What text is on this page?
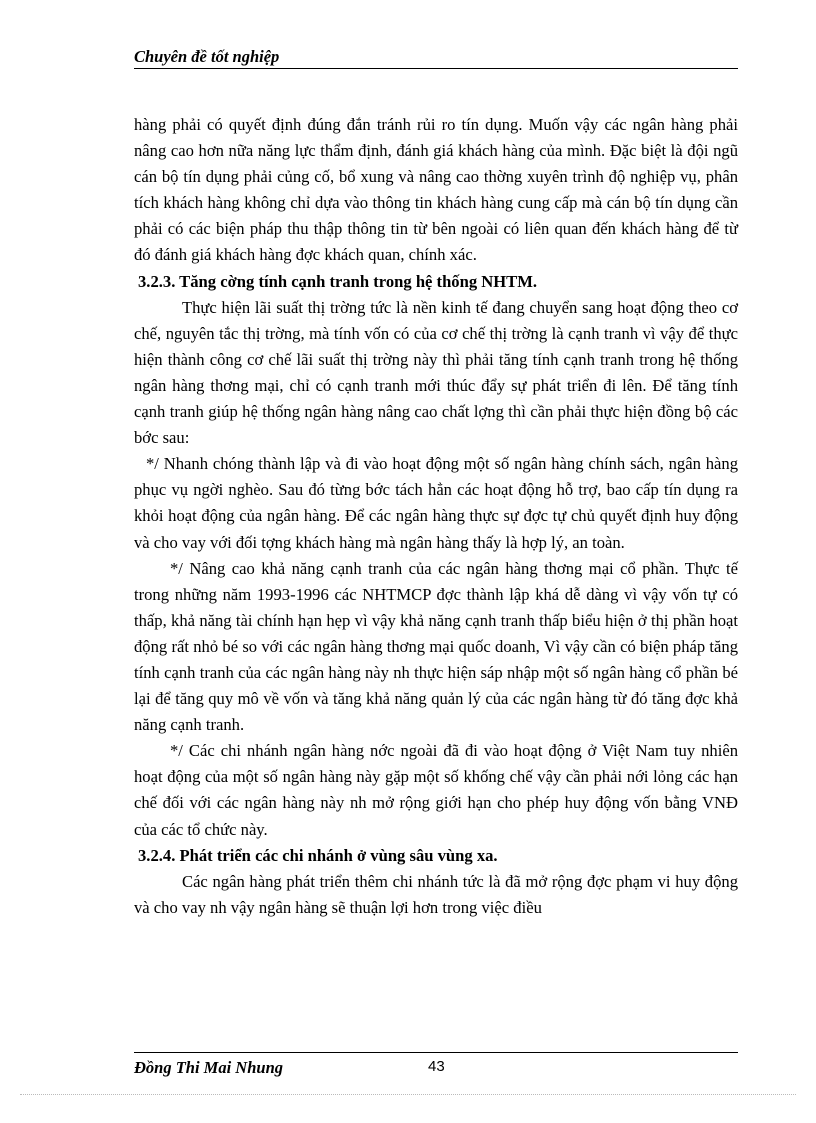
Chuyên đề tốt nghiệp

hàng phải có quyết định đúng đắn tránh rủi ro tín dụng. Muốn vậy các ngân hàng phải nâng cao hơn nữa năng lực thẩm định, đánh giá khách hàng của mình. Đặc biệt là đội ngũ cán bộ tín dụng phải củng cố, bổ xung và nâng cao thờng xuyên trình độ nghiệp vụ, phân tích khách hàng không chỉ dựa vào thông tin khách hàng cung cấp mà cán bộ tín dụng cần phải có các biện pháp thu thập thông tin từ bên ngoài có liên quan đến khách hàng để từ đó đánh giá khách hàng đợc khách quan, chính xác.

3.2.3. Tăng cờng tính cạnh tranh trong hệ thống NHTM.

Thực hiện lãi suất thị trờng tức là nền kinh tế đang chuyển sang hoạt động theo cơ chế, nguyên tắc thị trờng, mà tính vốn có của cơ chế thị trờng là cạnh tranh vì vậy để thực hiện thành công cơ chế lãi suất thị trờng này thì phải tăng tính cạnh tranh trong hệ thống ngân hàng thơng mại, chỉ có cạnh tranh mới thúc đẩy sự phát triển đi lên. Để tăng tính cạnh tranh giúp hệ thống ngân hàng nâng cao chất lợng thì cần phải thực hiện đồng bộ các bớc sau:

*/ Nhanh chóng thành lập và đi vào hoạt động một số ngân hàng chính sách, ngân hàng phục vụ ngời nghèo. Sau đó từng bớc tách hẳn các hoạt động hỗ trợ, bao cấp tín dụng ra khỏi hoạt động của ngân hàng. Để các ngân hàng thực sự đợc tự chủ quyết định huy động và cho vay với đối tợng khách hàng mà ngân hàng thấy là hợp lý, an toàn.

*/ Nâng cao khả năng cạnh tranh của các ngân hàng thơng mại cổ phần. Thực tế trong những năm 1993-1996 các NHTMCP đợc thành lập khá dễ dàng vì vậy vốn tự có thấp, khả năng tài chính hạn hẹp vì vậy khả năng cạnh tranh thấp biểu hiện ở thị phần hoạt động rất nhỏ bé so với các ngân hàng thơng mại quốc doanh, Vì vậy cần có biện pháp tăng tính cạnh tranh của các ngân hàng này nh thực hiện sáp nhập một số ngân hàng cổ phần bé lại để tăng quy mô về vốn và tăng khả năng quản lý của các ngân hàng từ đó tăng đợc khả năng cạnh tranh.

*/ Các chi nhánh ngân hàng nớc ngoài đã đi vào hoạt động ở Việt Nam tuy nhiên hoạt động của một số ngân hàng này gặp một số khống chế vậy cần phải nới lỏng các hạn chế đối với các ngân hàng này nh mở rộng giới hạn cho phép huy động vốn bằng VNĐ của các tổ chức này.

3.2.4. Phát triển các chi nhánh ở vùng sâu vùng xa.

Các ngân hàng phát triển thêm chi nhánh tức là đã mở rộng đợc phạm vi huy động và cho vay nh vậy ngân hàng sẽ thuận lợi hơn trong việc điều

Đồng Thi Mai Nhung	43
